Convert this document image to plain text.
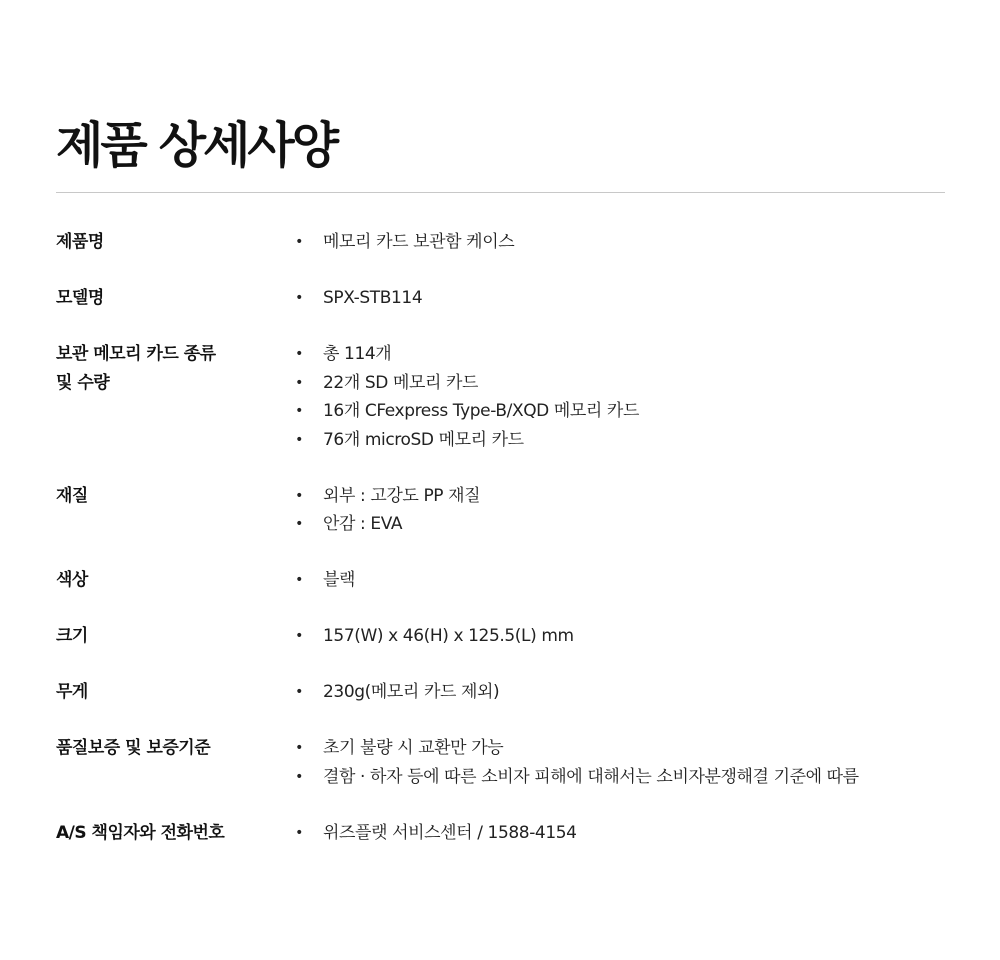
제품 상세사양
제품명	• 메모리 카드 보관함 케이스
모델명	• SPX-STB114
보관 메모리 카드 종류
및 수량
• 총 114개
• 22개 SD 메모리 카드
• 16개 CFexpress Type-B/XQD 메모리 카드
• 76개 microSD 메모리 카드
재질	• 외부 : 고강도 PP 재질
• 안감 : EVA
색상	• 블랙
크기	• 157(W) x 46(H) x 125.5(L) mm
무게	• 230g(메모리 카드 제외)
품질보증 및 보증기준	• 초기 불량 시 교환만 가능
• 결함 · 하자 등에 따른 소비자 피해에 대해서는 소비자분쟁해결 기준에 따름
A/S 책임자와 전화번호	• 위즈플랫 서비스센터 / 1588-4154
